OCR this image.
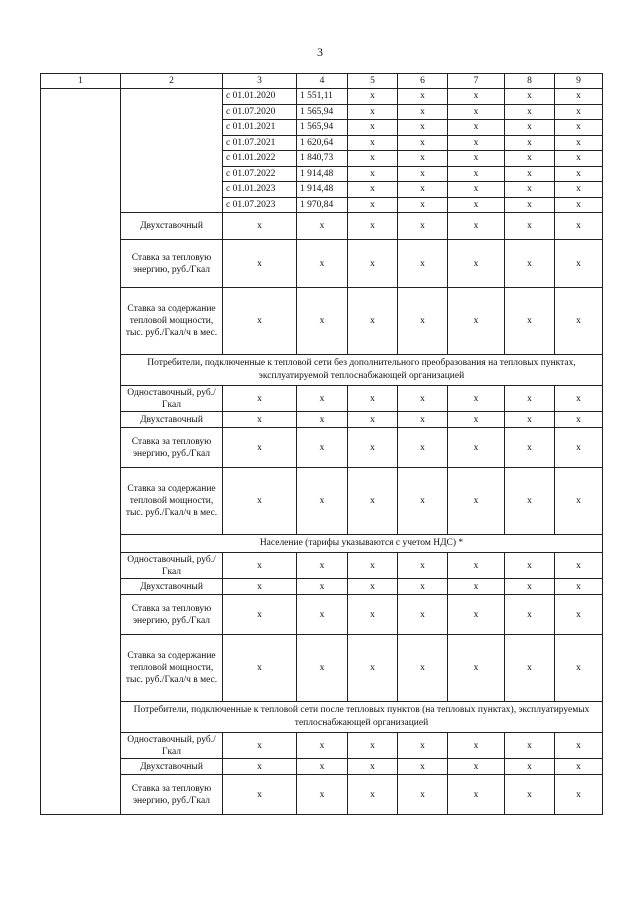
3
1	2	3	4	5	6	7	8	9
		с 01.01.2020	1 551,11	x	x	x	x	x
		с 01.07.2020	1 565,94	x	x	x	x	x
		с 01.01.2021	1 565,94	x	x	x	x	x
		с 01.07.2021	1 620,64	x	x	x	x	x
		с 01.01.2022	1 840,73	x	x	x	x	x
		с 01.07.2022	1 914,48	x	x	x	x	x
		с 01.01.2023	1 914,48	x	x	x	x	x
		с 01.07.2023	1 970,84	x	x	x	x	x
	Двухставочный	x	x	x	x	x	x	x
	Ставка за тепловую энергию, руб./Гкал	x	x	x	x	x	x	x
	Ставка за содержание тепловой мощности, тыс. руб./Гкал/ч в мес.	x	x	x	x	x	x	x
	Потребители, подключенные к тепловой сети без дополнительного преобразования на тепловых пунктах, эксплуатируемой теплоснабжающей организацией							
	Одноставочный, руб./Гкал	x	x	x	x	x	x	x
	Двухставочный	x	x	x	x	x	x	x
	Ставка за тепловую энергию, руб./Гкал	x	x	x	x	x	x	x
	Ставка за содержание тепловой мощности, тыс. руб./Гкал/ч в мес.	x	x	x	x	x	x	x
	Население (тарифы указываются с учетом НДС) *							
	Одноставочный, руб./Гкал	x	x	x	x	x	x	x
	Двухставочный	x	x	x	x	x	x	x
	Ставка за тепловую энергию, руб./Гкал	x	x	x	x	x	x	x
	Ставка за содержание тепловой мощности, тыс. руб./Гкал/ч в мес.	x	x	x	x	x	x	x
	Потребители, подключенные к тепловой сети после тепловых пунктов (на тепловых пунктах), эксплуатируемых теплоснабжающей организацией							
	Одноставочный, руб./Гкал	x	x	x	x	x	x	x
	Двухставочный	x	x	x	x	x	x	x
	Ставка за тепловую энергию, руб./Гкал	x	x	x	x	x	x	x
